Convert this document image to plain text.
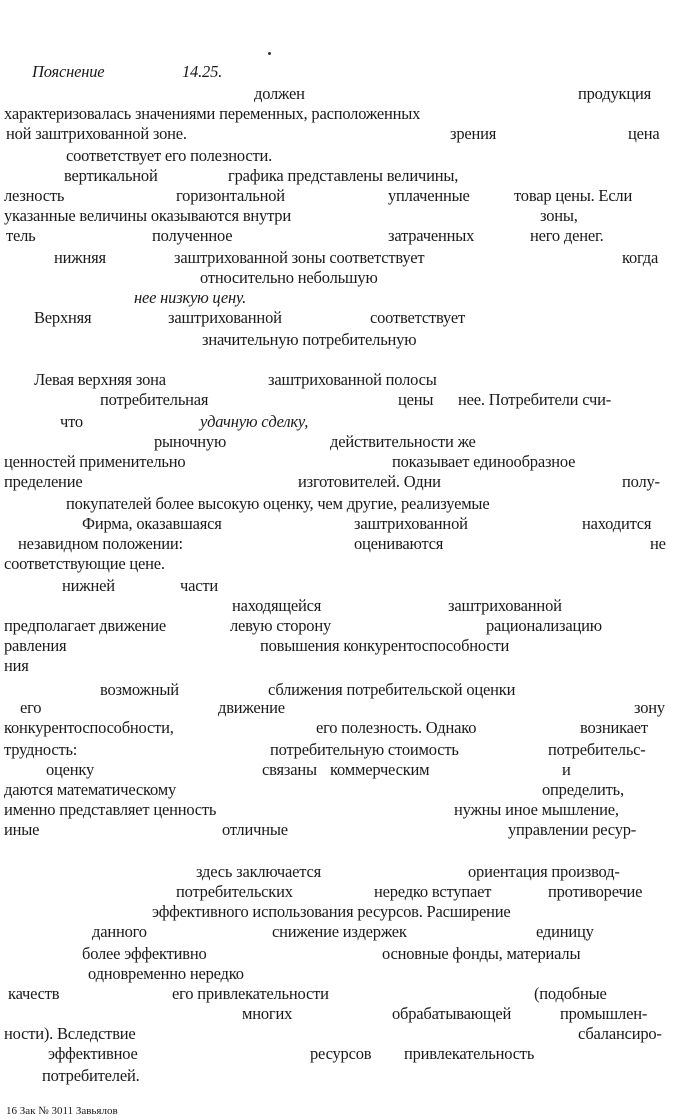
Пояснение	14.25.
должен	продукция
характеризовалась значениями переменных, расположенных
ной заштрихованной зоне.	зрения	цена
соответствует его полезности.
вертикальной	графика представлены величины,
лезность	горизонтальной	уплаченные	товар цены. Если
указанные величины оказываются внутри	зоны,
тель	полученное	затраченных	него денег.
нижняя	заштрихованной зоны соответствует	когда
относительно небольшую
нее низкую цену.
Верхняя	заштрихованной	соответствует
значительную потребительную
Левая верхняя зона	заштрихованной полосы
потребительная	цены нее. Потребители счи-
что	удачную сделку,
рыночную	действительности же
ценностей применительно	показывает единообразное
пределение	изготовителей. Одни	полу-
покупателей более высокую оценку, чем другие, реализуемые
Фирма, оказавшаяся	заштрихованной	находится
незавидном положении:	оцениваются	не
соответствующие цене.
нижней	части
находящейся	заштрихованной
предполагает движение	левую сторону	рационализацию
равления	повышения конкурентоспособности
ния
возможный	сближения потребительской оценки
его	движение	зону
конкурентоспособности,	его полезность. Однако	возникает
трудность:	потребительную стоимость	потребительс-
оценку	связаны коммерческим	и
даются математическому	определить,
именно представляет ценность	нужны иное мышление,
иные	отличные	управлении ресур-
здесь заключается	ориентация производ-
потребительских	нередко вступает	противоречие
эффективного использования ресурсов. Расширение
данного	снижение издержек	единицу
более эффективно	основные фонды, материалы
одновременно нередко
качеств	его привлекательности	(подобные
многих	обрабатывающей	промышлен-
ности). Вследствие	сбалансиро-
эффективное	ресурсов привлекательность
потребителей.
16 Зак № 3011 Завьялов
